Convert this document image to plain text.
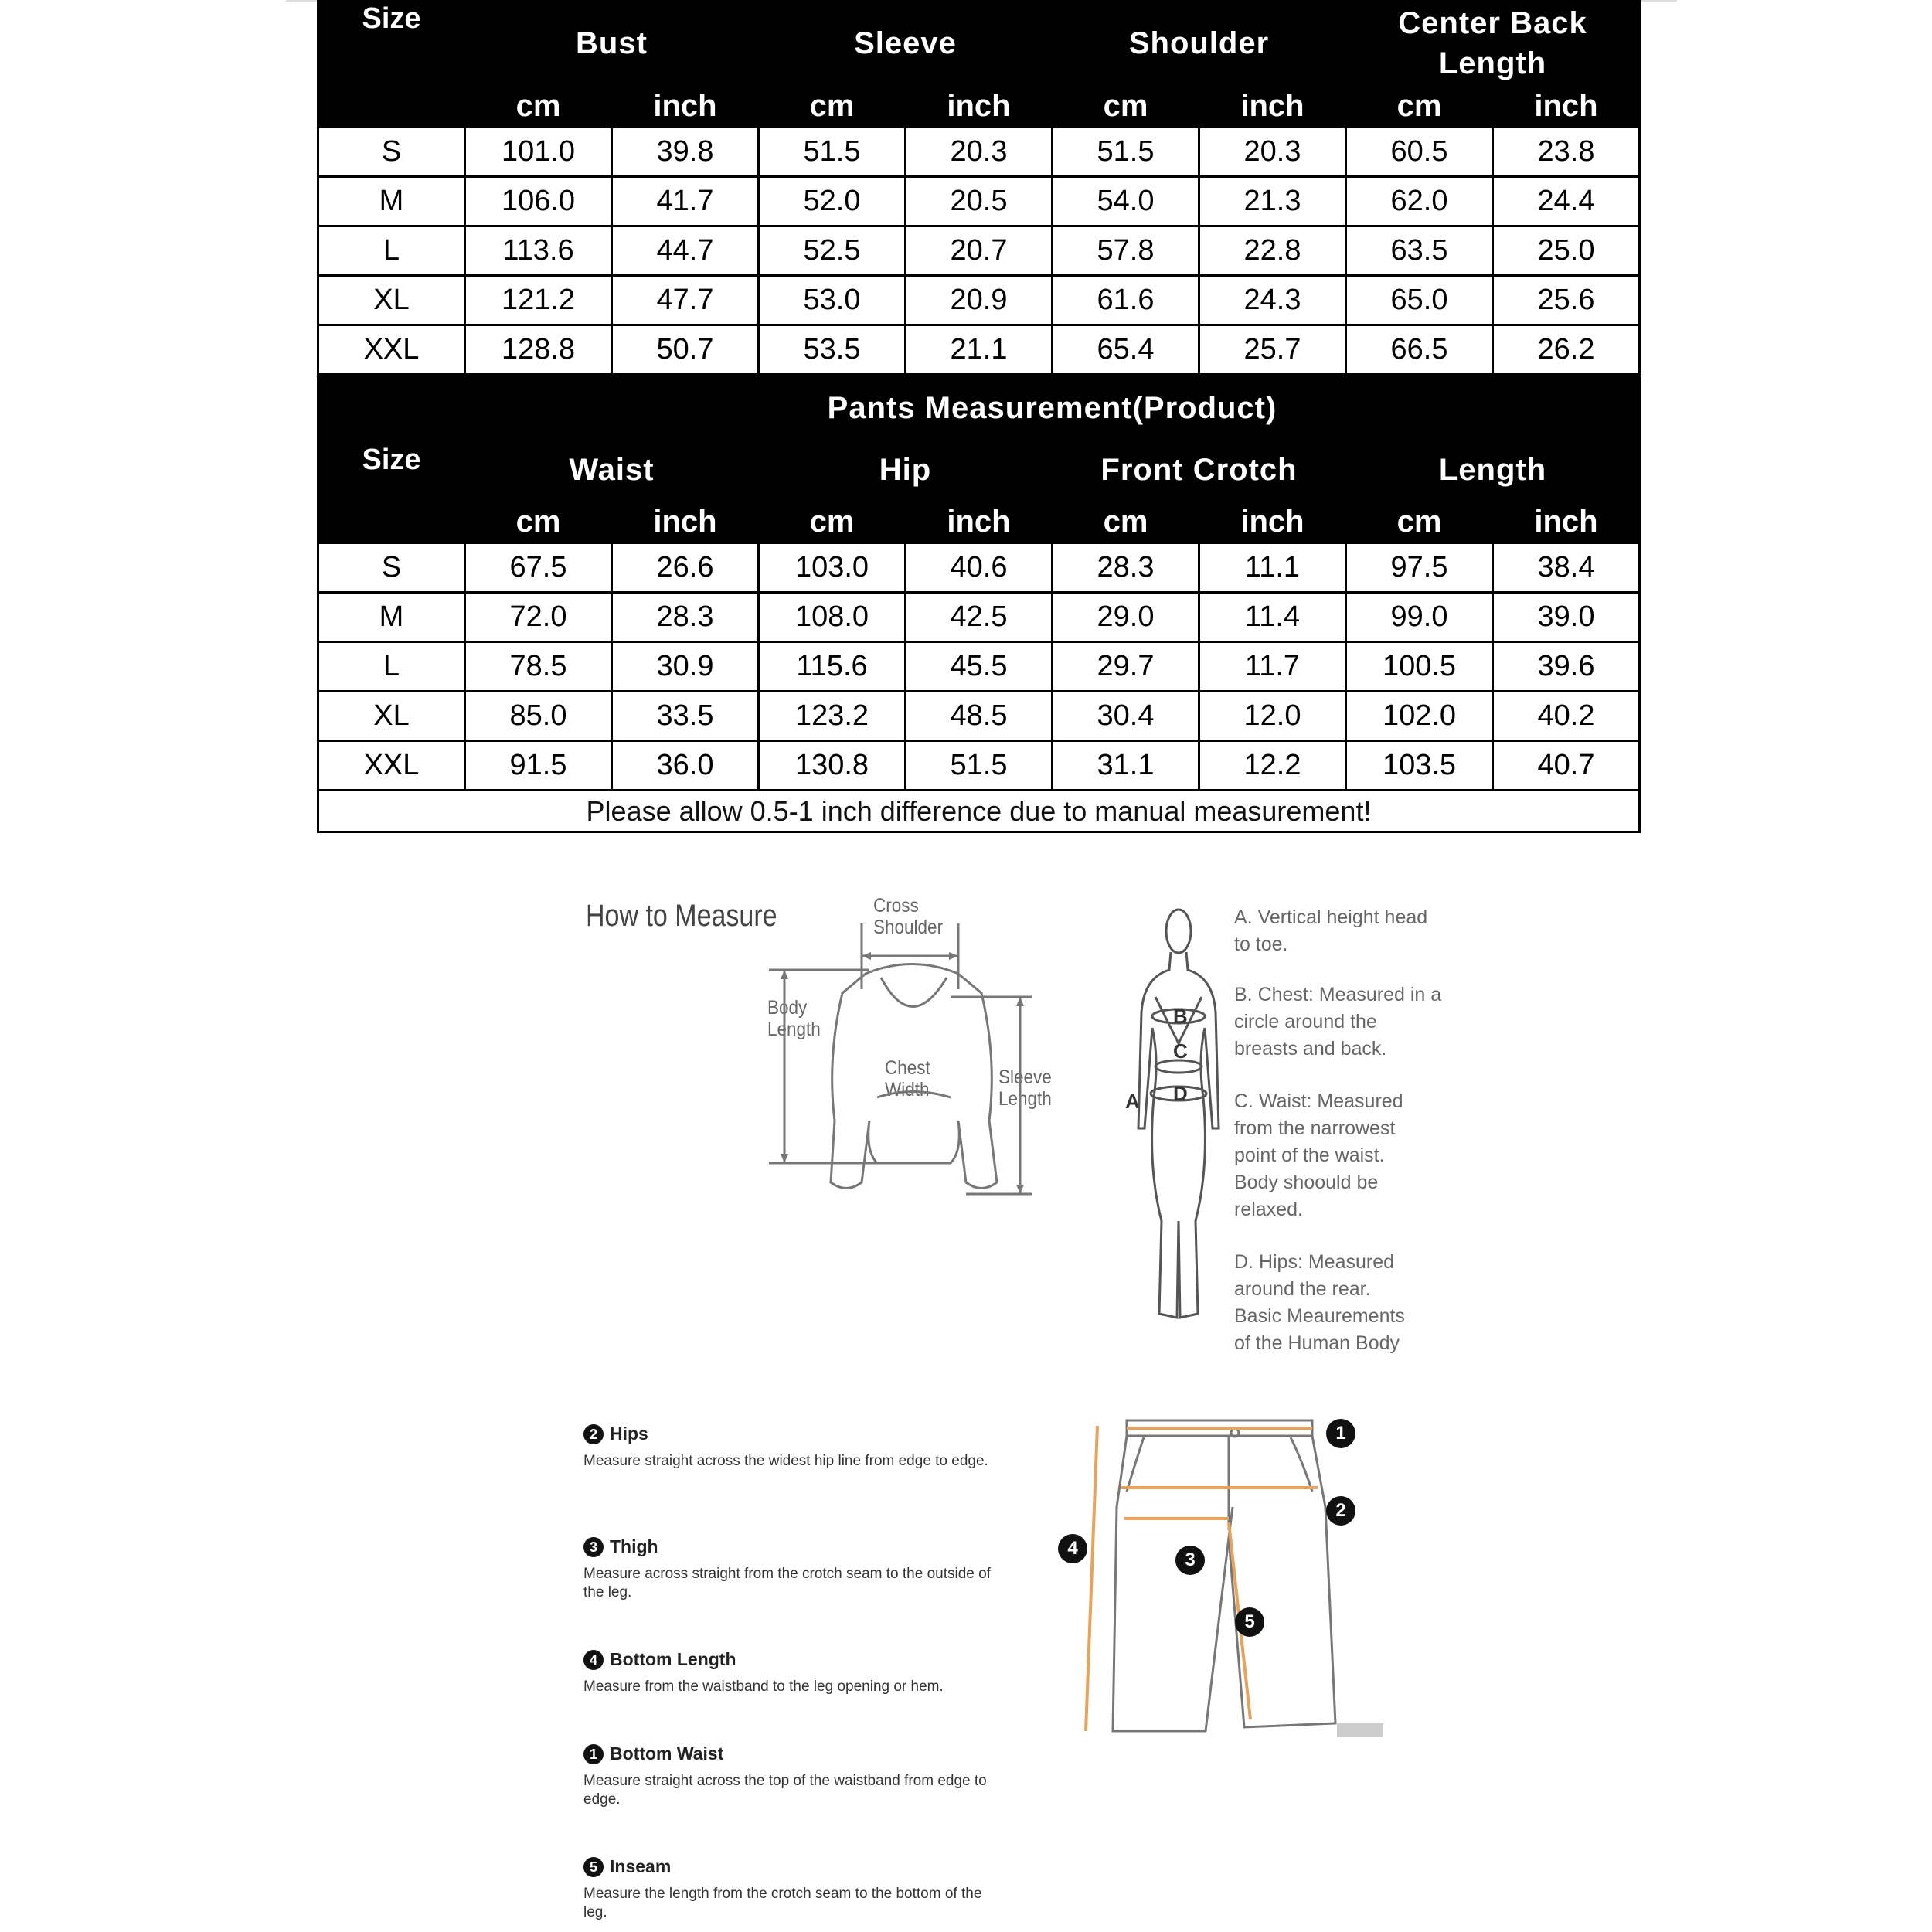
Size	Bust		Sleeve		Shoulder		Center Back
Length	
	cm	inch	cm	inch	cm	inch	cm	inch
S	101.0	39.8	51.5	20.3	51.5	20.3	60.5	23.8
M	106.0	41.7	52.0	20.5	54.0	21.3	62.0	24.4
L	113.6	44.7	52.5	20.7	57.8	22.8	63.5	25.0
XL	121.2	47.7	53.0	20.9	61.6	24.3	65.0	25.6
XXL	128.8	50.7	53.5	21.1	65.4	25.7	66.5	26.2
Size	Pants Measurement(Product)							
	Waist		Hip		Front Crotch		Length	
	cm	inch	cm	inch	cm	inch	cm	inch
S	67.5	26.6	103.0	40.6	28.3	11.1	97.5	38.4
M	72.0	28.3	108.0	42.5	29.0	11.4	99.0	39.0
L	78.5	30.9	115.6	45.5	29.7	11.7	100.5	39.6
XL	85.0	33.5	123.2	48.5	30.4	12.0	102.0	40.2
XXL	91.5	36.0	130.8	51.5	31.1	12.2	103.5	40.7
Please allow 0.5-1 inch difference due to manual measurement!								
How to Measure	Cross
Shoulder
Body
Length
Chest
Width
Sleeve
Length
B
C
D
A
A. Vertical height head
to toe.
B. Chest: Measured in a
circle around the
breasts and back.
C. Waist: Measured
from the narrowest
point of the waist.
Body shoould be
relaxed.
D. Hips: Measured
around the rear.
Basic Meaurements
of the Human Body
2 Hips
Measure straight across the widest hip line from edge to edge.
3 Thigh
Measure across straight from the crotch seam to the outside of the leg.
4 Bottom Length
Measure from the waistband to the leg opening or hem.
1 Bottom Waist
Measure straight across the top of the waistband from edge to edge.
5 Inseam
Measure the length from the crotch seam to the bottom of the leg.
1
2
3
4
5
